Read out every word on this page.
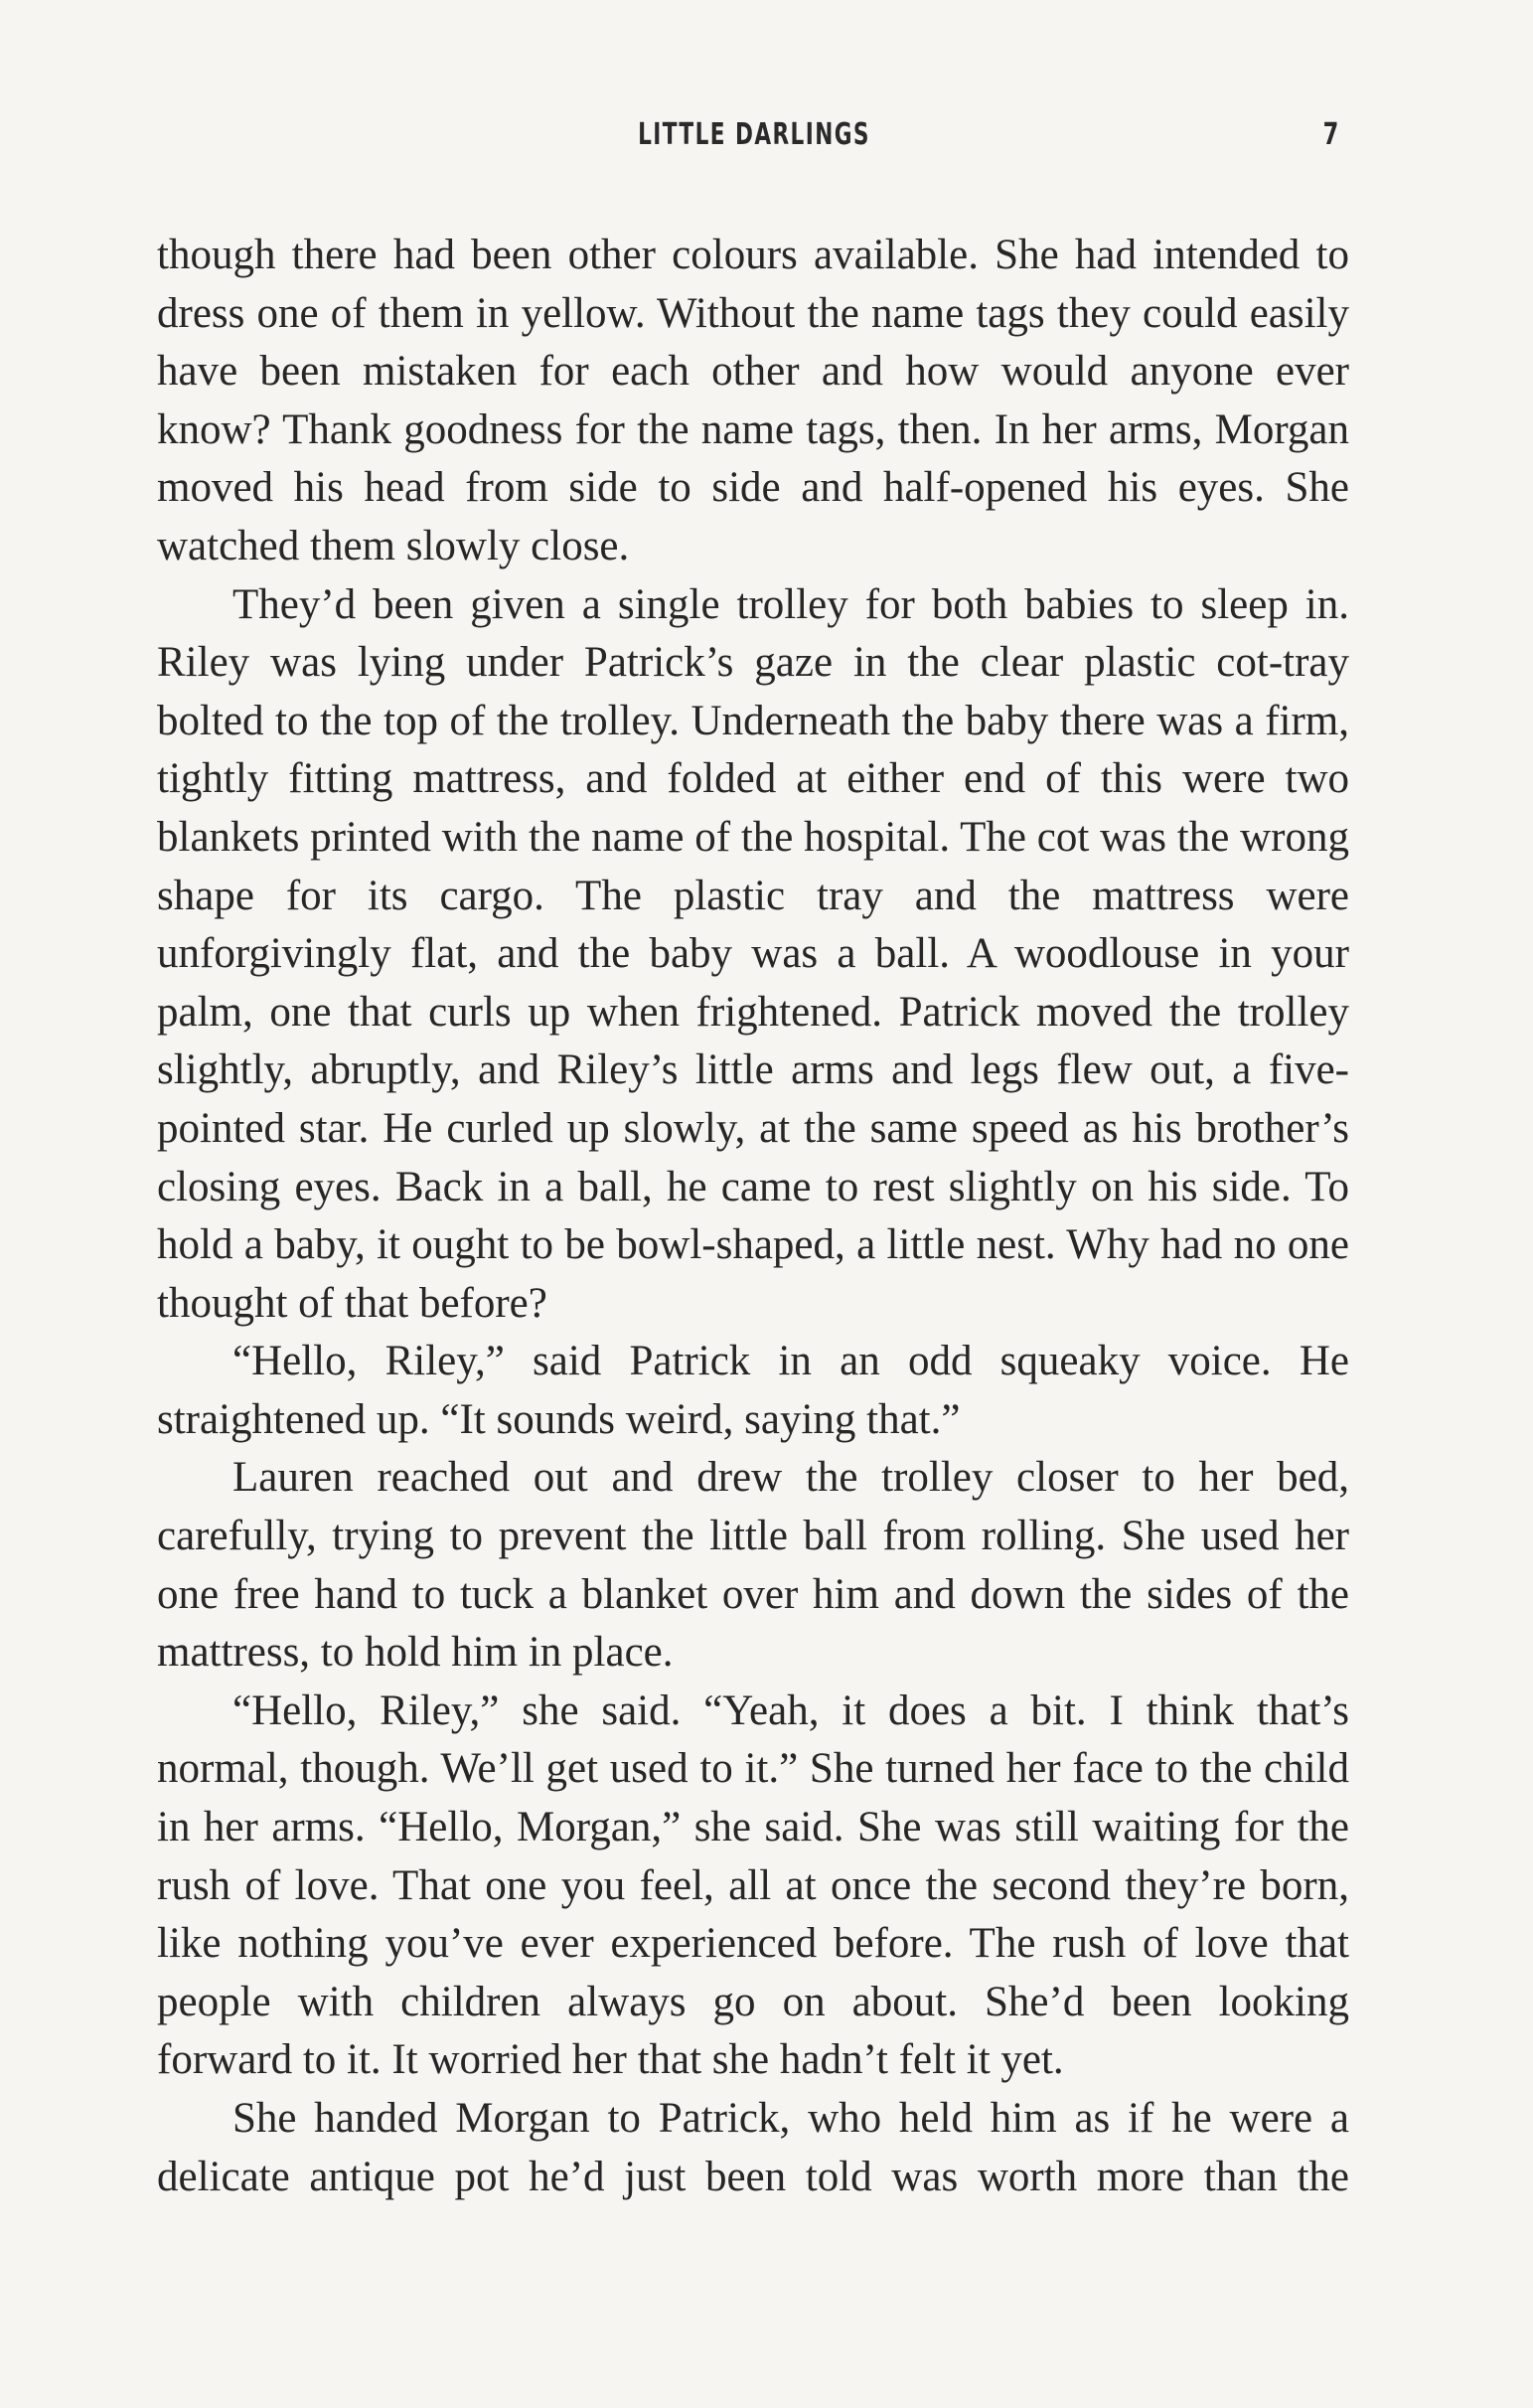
LITTLE DARLINGS	7

though there had been other colours available. She had intended to dress one of them in yellow. Without the name tags they could easily have been mistaken for each other and how would anyone ever know? Thank goodness for the name tags, then. In her arms, Morgan moved his head from side to side and half-opened his eyes. She watched them slowly close.

They’d been given a single trolley for both babies to sleep in. Riley was lying under Patrick’s gaze in the clear plastic cot-tray bolted to the top of the trolley. Underneath the baby there was a firm, tightly fitting mattress, and folded at either end of this were two blankets printed with the name of the hospital. The cot was the wrong shape for its cargo. The plastic tray and the mattress were unforgivingly flat, and the baby was a ball. A woodlouse in your palm, one that curls up when frightened. Patrick moved the trolley slightly, abruptly, and Riley’s little arms and legs flew out, a five-pointed star. He curled up slowly, at the same speed as his brother’s closing eyes. Back in a ball, he came to rest slightly on his side. To hold a baby, it ought to be bowl-shaped, a little nest. Why had no one thought of that before?

“Hello, Riley,” said Patrick in an odd squeaky voice. He straightened up. “It sounds weird, saying that.”

Lauren reached out and drew the trolley closer to her bed, carefully, trying to prevent the little ball from rolling. She used her one free hand to tuck a blanket over him and down the sides of the mattress, to hold him in place.

“Hello, Riley,” she said. “Yeah, it does a bit. I think that’s normal, though. We’ll get used to it.” She turned her face to the child in her arms. “Hello, Morgan,” she said. She was still waiting for the rush of love. That one you feel, all at once the second they’re born, like nothing you’ve ever experienced before. The rush of love that people with children always go on about. She’d been looking forward to it. It worried her that she hadn’t felt it yet.

She handed Morgan to Patrick, who held him as if he were a delicate antique pot he’d just been told was worth more than the
